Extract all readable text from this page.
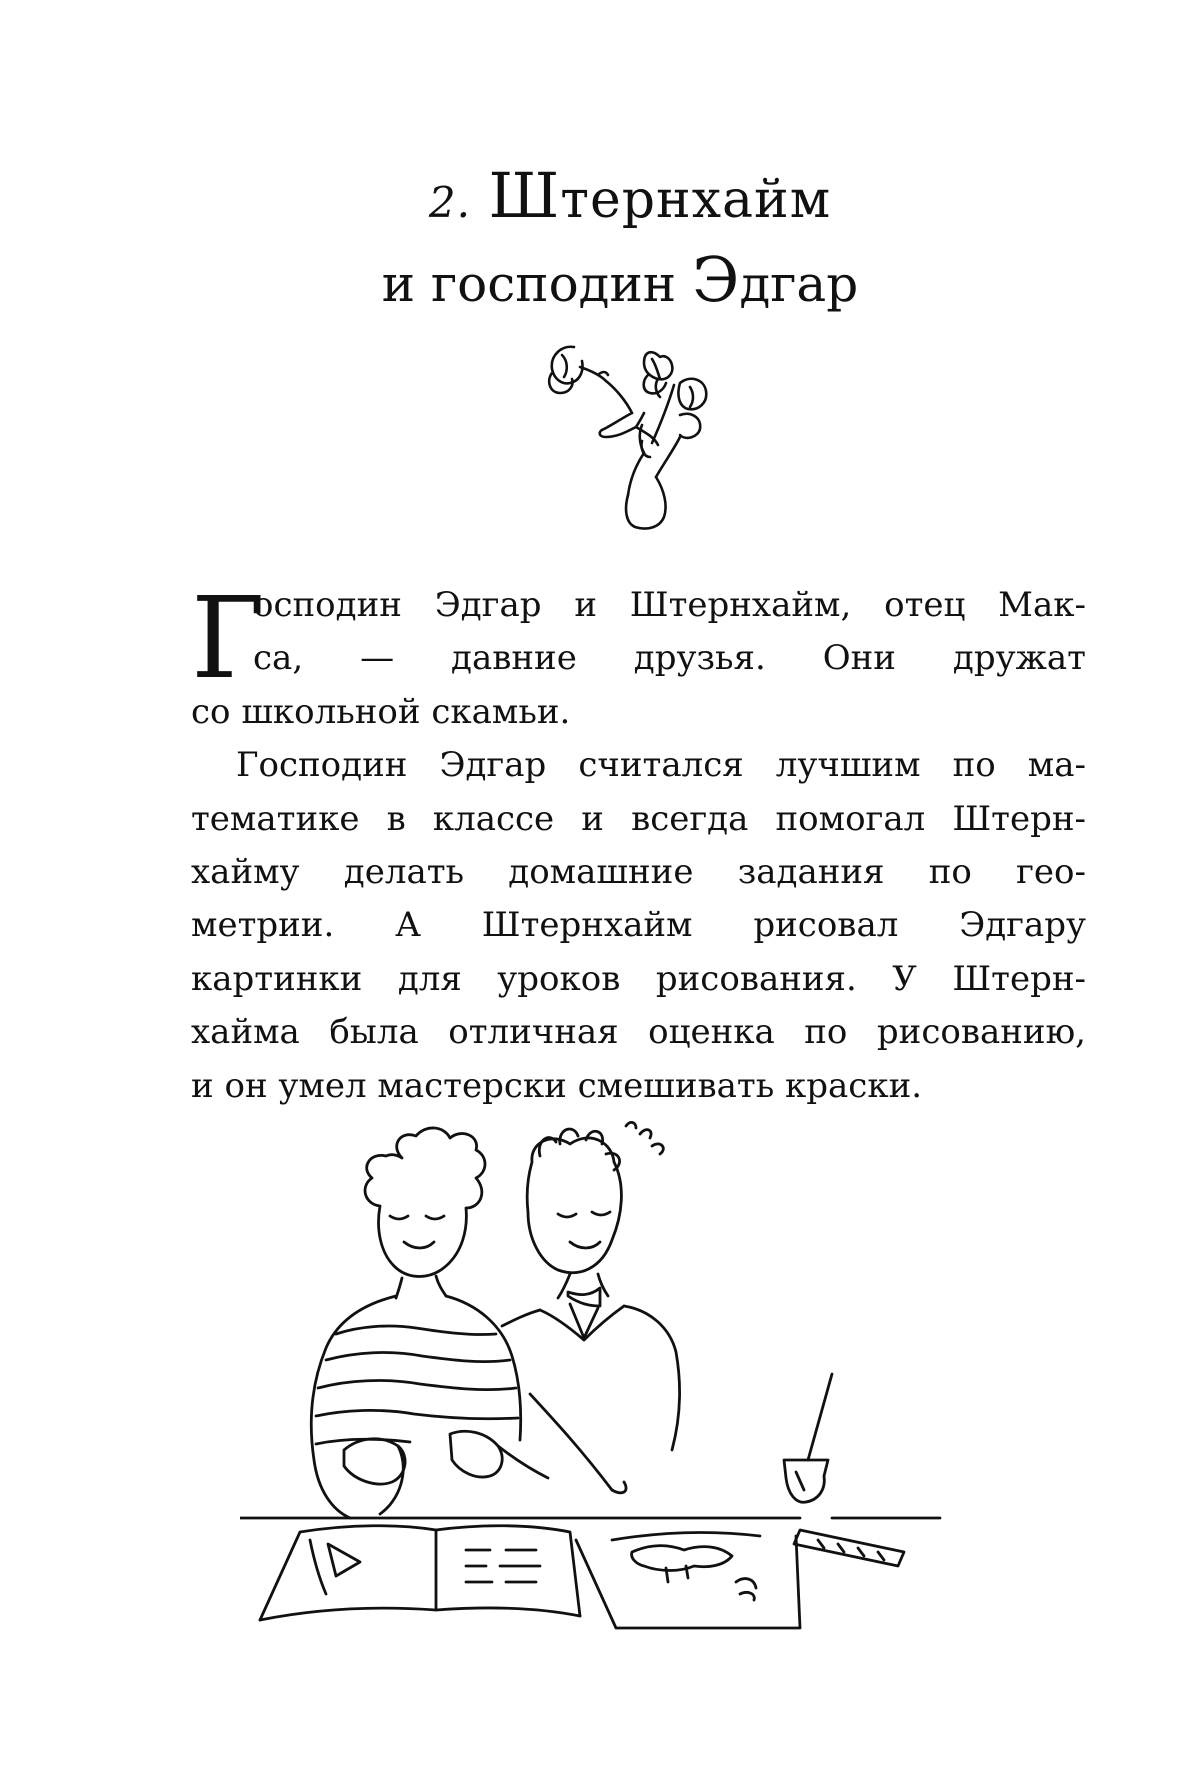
2. Штернхайм
и господин Эдгар
Г
осподин Эдгар и Штернхайм, отец Мак-
са, — давние друзья. Они дружат
со школьной скамьи.
Господин Эдгар считался лучшим по ма-
тематике в классе и всегда помогал Штерн-
хайму делать домашние задания по гео-
метрии. А Штернхайм рисовал Эдгару
картинки для уроков рисования. У Штерн-
хайма была отличная оценка по рисованию,
и он умел мастерски смешивать краски.
